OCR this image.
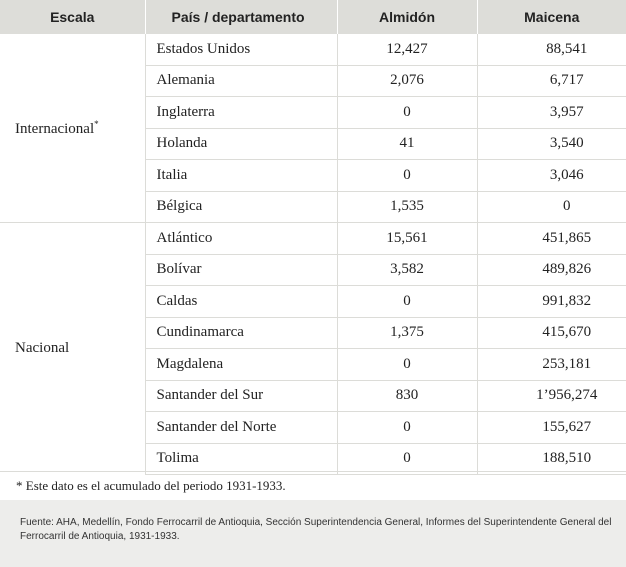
Escala	País / departamento	Almidón	Maicena
Internacional*	Estados Unidos	12,427	88,541
	Alemania	2,076	6,717
	Inglaterra	0	3,957
	Holanda	41	3,540
	Italia	0	3,046
	Bélgica	1,535	0
Nacional	Atlántico	15,561	451,865
	Bolívar	3,582	489,826
	Caldas	0	991,832
	Cundinamarca	1,375	415,670
	Magdalena	0	253,181
	Santander del Sur	830	1’956,274
	Santander del Norte	0	155,627
	Tolima	0	188,510
* Este dato es el acumulado del periodo 1931-1933.
Fuente: AHA, Medellín, Fondo Ferrocarril de Antioquia, Sección Superintendencia General, Informes del Superintendente General del Ferrocarril de Antioquia, 1931-1933.
